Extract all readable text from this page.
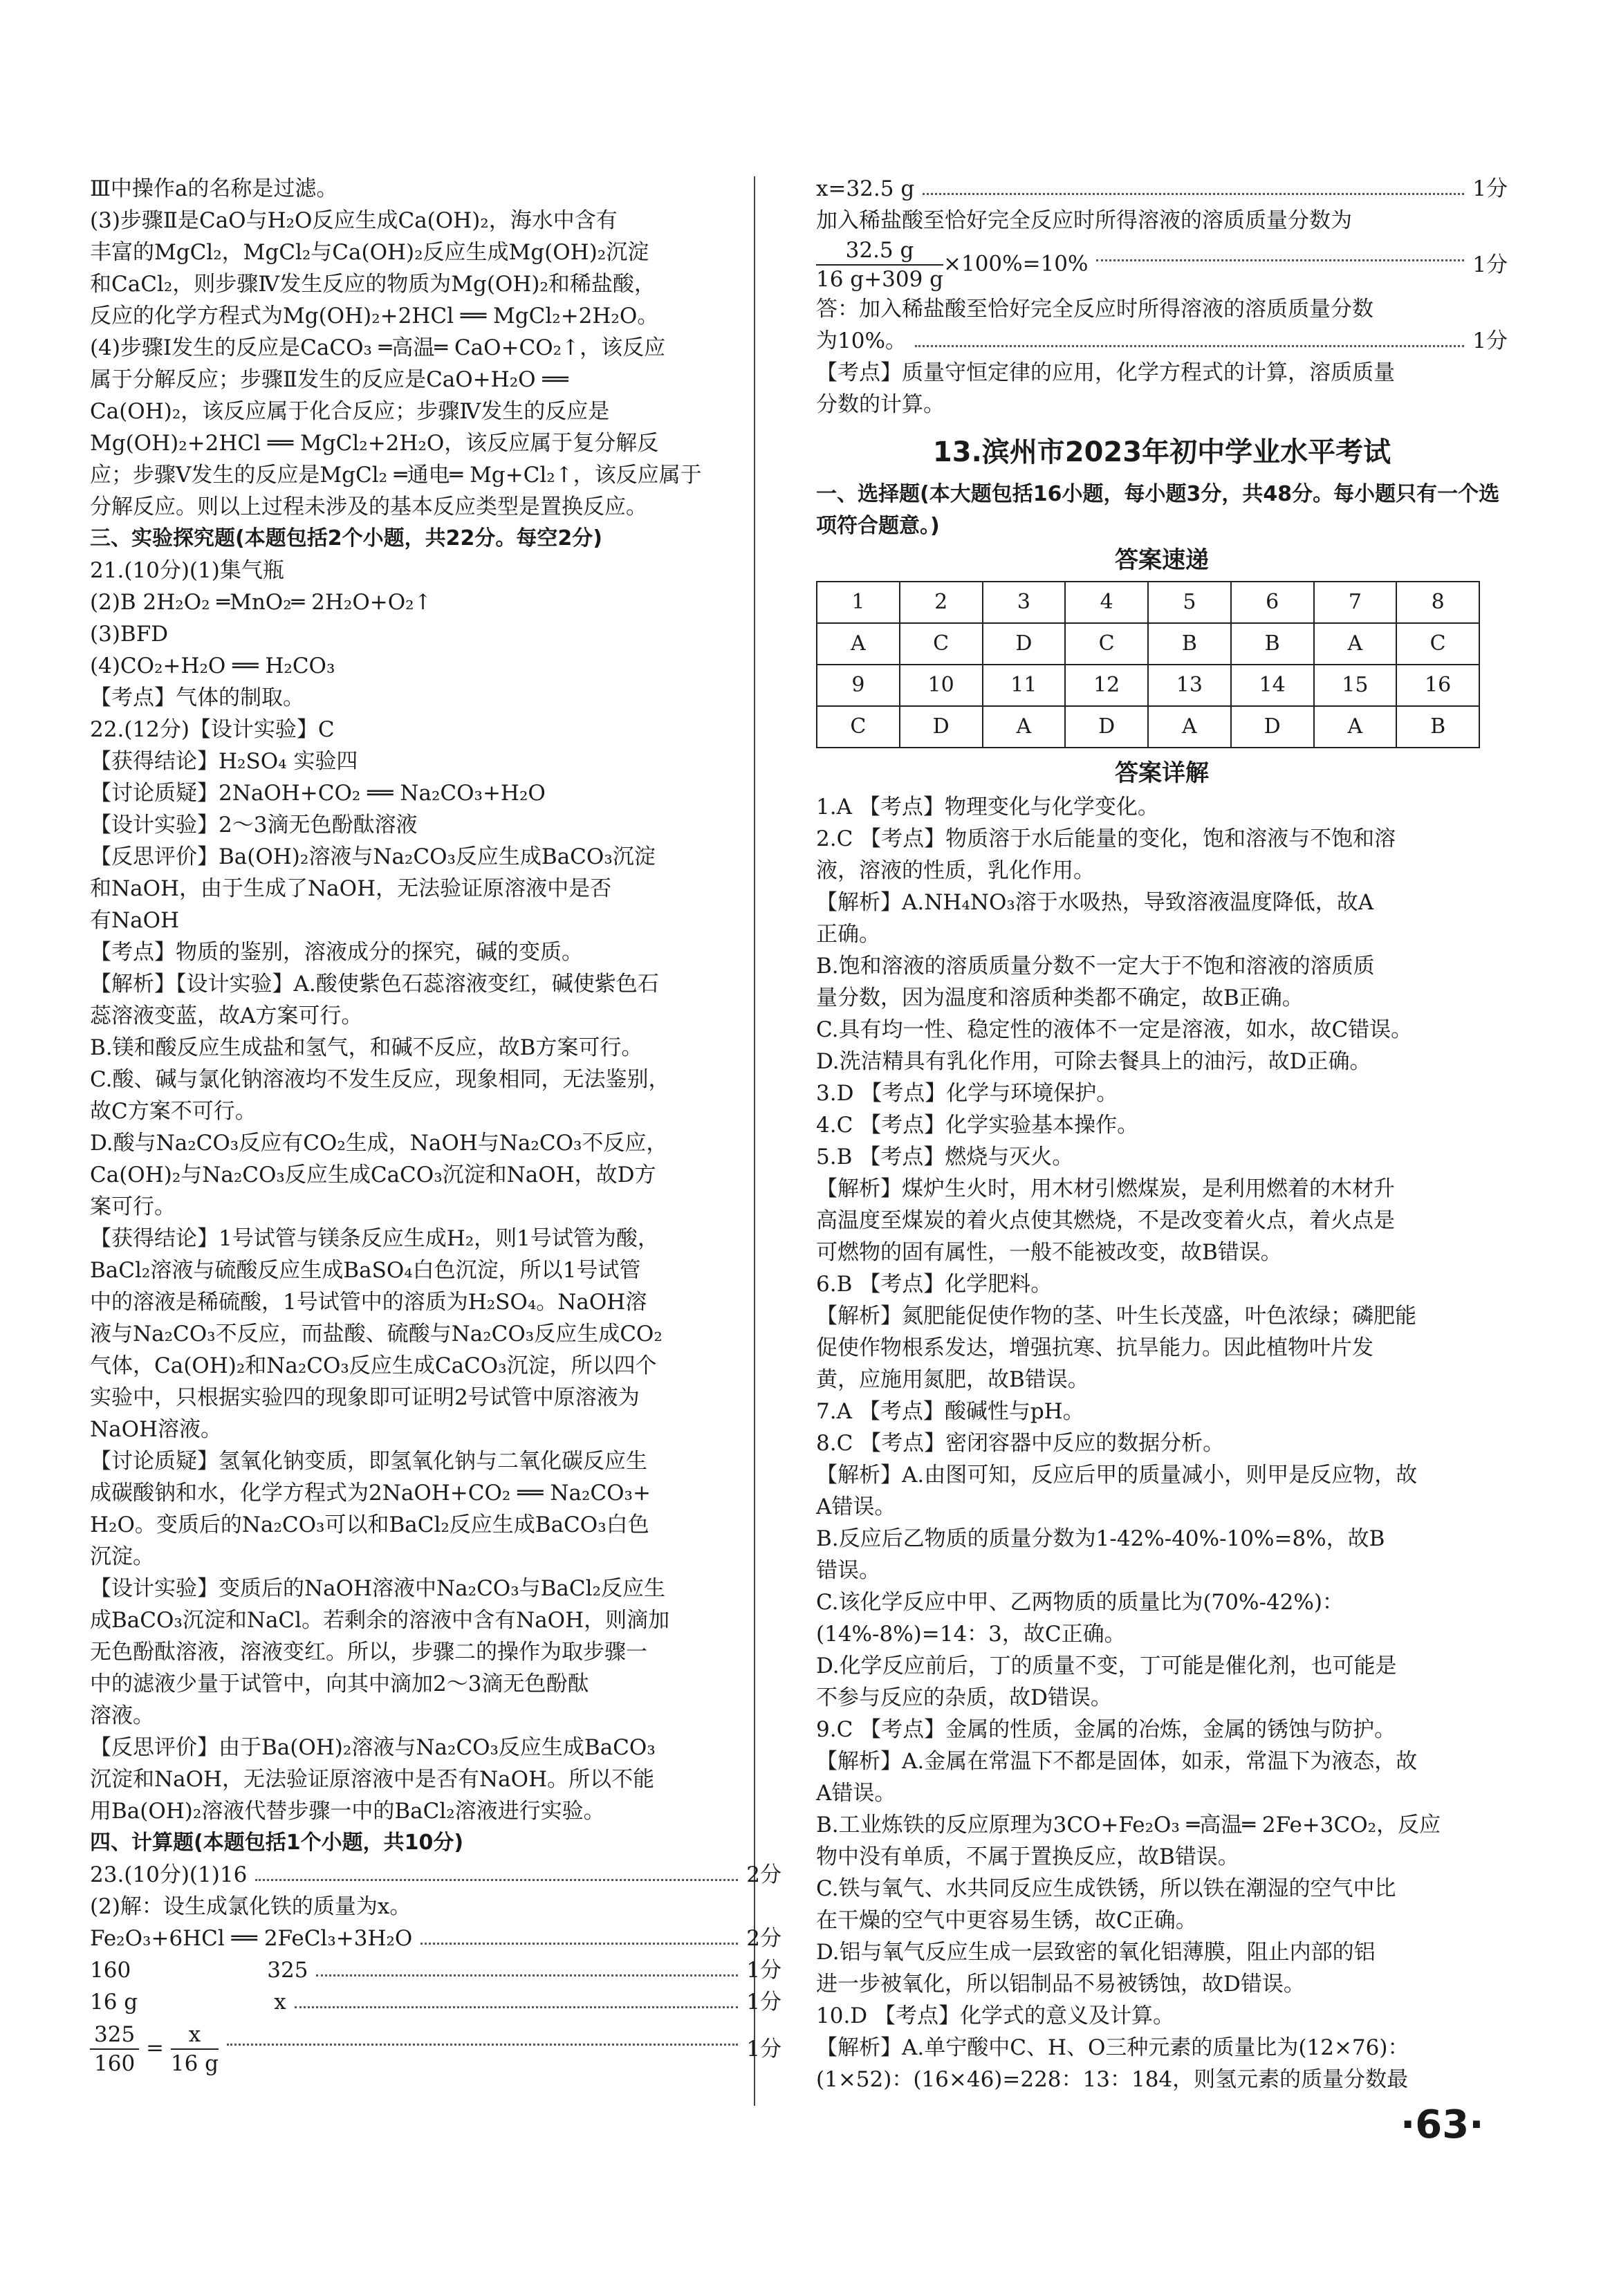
Ⅲ中操作a的名称是过滤。

(3)步骤Ⅱ是CaO与H₂O反应生成Ca(OH)₂，海水中含有

丰富的MgCl₂，MgCl₂与Ca(OH)₂反应生成Mg(OH)₂沉淀

和CaCl₂，则步骤Ⅳ发生反应的物质为Mg(OH)₂和稀盐酸，

反应的化学方程式为Mg(OH)₂+2HCl ══ MgCl₂+2H₂O。

(4)步骤Ⅰ发生的反应是CaCO₃ ═高温═ CaO+CO₂↑，该反应

属于分解反应；步骤Ⅱ发生的反应是CaO+H₂O ══

Ca(OH)₂，该反应属于化合反应；步骤Ⅳ发生的反应是

Mg(OH)₂+2HCl ══ MgCl₂+2H₂O，该反应属于复分解反

应；步骤Ⅴ发生的反应是MgCl₂ ═通电═ Mg+Cl₂↑，该反应属于

分解反应。则以上过程未涉及的基本反应类型是置换反应。

三、实验探究题(本题包括2个小题，共22分。每空2分)

21.(10分)(1)集气瓶

(2)B 2H₂O₂ ═MnO₂═ 2H₂O+O₂↑

(3)BFD

(4)CO₂+H₂O ══ H₂CO₃

【考点】气体的制取。

22.(12分)【设计实验】C

【获得结论】H₂SO₄ 实验四

【讨论质疑】2NaOH+CO₂ ══ Na₂CO₃+H₂O

【设计实验】2～3滴无色酚酞溶液

【反思评价】Ba(OH)₂溶液与Na₂CO₃反应生成BaCO₃沉淀

和NaOH，由于生成了NaOH，无法验证原溶液中是否

有NaOH

【考点】物质的鉴别，溶液成分的探究，碱的变质。

【解析】【设计实验】A.酸使紫色石蕊溶液变红，碱使紫色石

蕊溶液变蓝，故A方案可行。

B.镁和酸反应生成盐和氢气，和碱不反应，故B方案可行。

C.酸、碱与氯化钠溶液均不发生反应，现象相同，无法鉴别，

故C方案不可行。

D.酸与Na₂CO₃反应有CO₂生成，NaOH与Na₂CO₃不反应，

Ca(OH)₂与Na₂CO₃反应生成CaCO₃沉淀和NaOH，故D方

案可行。

【获得结论】1号试管与镁条反应生成H₂，则1号试管为酸，

BaCl₂溶液与硫酸反应生成BaSO₄白色沉淀，所以1号试管

中的溶液是稀硫酸，1号试管中的溶质为H₂SO₄。NaOH溶

液与Na₂CO₃不反应，而盐酸、硫酸与Na₂CO₃反应生成CO₂

气体，Ca(OH)₂和Na₂CO₃反应生成CaCO₃沉淀，所以四个

实验中，只根据实验四的现象即可证明2号试管中原溶液为

NaOH溶液。

【讨论质疑】氢氧化钠变质，即氢氧化钠与二氧化碳反应生

成碳酸钠和水，化学方程式为2NaOH+CO₂ ══ Na₂CO₃+

H₂O。变质后的Na₂CO₃可以和BaCl₂反应生成BaCO₃白色

沉淀。

【设计实验】变质后的NaOH溶液中Na₂CO₃与BaCl₂反应生

成BaCO₃沉淀和NaCl。若剩余的溶液中含有NaOH，则滴加

无色酚酞溶液，溶液变红。所以，步骤二的操作为取步骤一

中的滤液少量于试管中，向其中滴加2～3滴无色酚酞

溶液。

【反思评价】由于Ba(OH)₂溶液与Na₂CO₃反应生成BaCO₃

沉淀和NaOH，无法验证原溶液中是否有NaOH。所以不能

用Ba(OH)₂溶液代替步骤一中的BaCl₂溶液进行实验。

四、计算题(本题包括1个小题，共10分)

23.(10分)(1)16	2分
(2)解：设生成氯化铁的质量为x。
Fe₂O₃+6HCl ══ 2FeCl₃+3H₂O	2分
160                    325	1分
16 g                    x	1分
$\frac{325}{160} = \frac{x}{16 g}$	1分
x=32.5 g	1分
加入稀盐酸至恰好完全反应时所得溶液的溶质质量分数为
$\frac{32.5 g}{16 g+309 g} \times 100\%=10\%$	1分
答：加入稀盐酸至恰好完全反应时所得溶液的溶质质量分数
为10%。	1分

【考点】质量守恒定律的应用，化学方程式的计算，溶质质量

分数的计算。

13.滨州市2023年初中学业水平考试

一、选择题(本大题包括16小题，每小题3分，共48分。每小题只有一个选项符合题意。)

答案速递
1	2	3	4	5	6	7	8
A	C	D	C	B	B	A	C
9	10	11	12	13	14	15	16
C	D	A	D	A	D	A	B
答案详解

1.A 【考点】物理变化与化学变化。

2.C 【考点】物质溶于水后能量的变化，饱和溶液与不饱和溶

液，溶液的性质，乳化作用。

【解析】A.NH₄NO₃溶于水吸热，导致溶液温度降低，故A

正确。

B.饱和溶液的溶质质量分数不一定大于不饱和溶液的溶质质

量分数，因为温度和溶质种类都不确定，故B正确。

C.具有均一性、稳定性的液体不一定是溶液，如水，故C错误。

D.洗洁精具有乳化作用，可除去餐具上的油污，故D正确。

3.D 【考点】化学与环境保护。

4.C 【考点】化学实验基本操作。

5.B 【考点】燃烧与灭火。

【解析】煤炉生火时，用木材引燃煤炭，是利用燃着的木材升

高温度至煤炭的着火点使其燃烧，不是改变着火点，着火点是

可燃物的固有属性，一般不能被改变，故B错误。

6.B 【考点】化学肥料。

【解析】氮肥能促使作物的茎、叶生长茂盛，叶色浓绿；磷肥能

促使作物根系发达，增强抗寒、抗旱能力。因此植物叶片发

黄，应施用氮肥，故B错误。

7.A 【考点】酸碱性与pH。

8.C 【考点】密闭容器中反应的数据分析。

【解析】A.由图可知，反应后甲的质量减小，则甲是反应物，故

A错误。

B.反应后乙物质的质量分数为1-42%-40%-10%=8%，故B

错误。

C.该化学反应中甲、乙两物质的质量比为(70%-42%)：

(14%-8%)=14：3，故C正确。

D.化学反应前后，丁的质量不变，丁可能是催化剂，也可能是

不参与反应的杂质，故D错误。

9.C 【考点】金属的性质，金属的冶炼，金属的锈蚀与防护。

【解析】A.金属在常温下不都是固体，如汞，常温下为液态，故

A错误。

B.工业炼铁的反应原理为3CO+Fe₂O₃ ═高温═ 2Fe+3CO₂，反应

物中没有单质，不属于置换反应，故B错误。

C.铁与氧气、水共同反应生成铁锈，所以铁在潮湿的空气中比

在干燥的空气中更容易生锈，故C正确。

D.铝与氧气反应生成一层致密的氧化铝薄膜，阻止内部的铝

进一步被氧化，所以铝制品不易被锈蚀，故D错误。

10.D 【考点】化学式的意义及计算。

【解析】A.单宁酸中C、H、O三种元素的质量比为(12×76)：

(1×52)：(16×46)=228：13：184，则氢元素的质量分数最

·63·
